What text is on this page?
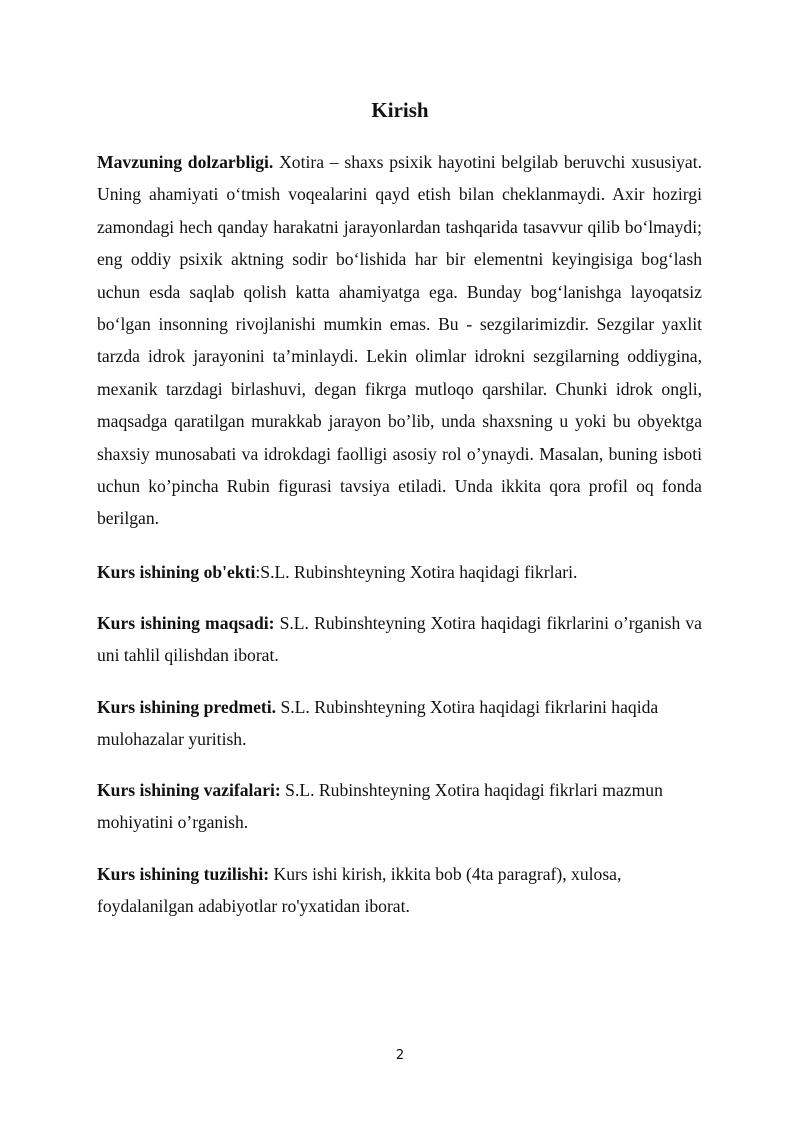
Kirish

Mavzuning dolzarbligi. Xotira – shaxs psixik hayotini belgilab beruvchi xususiyat. Uning ahamiyati o‘tmish voqealarini qayd etish bilan cheklanmaydi. Axir hozirgi zamondagi hech qanday harakatni jarayonlardan tashqarida tasavvur qilib bo‘lmaydi; eng oddiy psixik aktning sodir bo‘lishida har bir elementni keyingisiga bog‘lash uchun esda saqlab qolish katta ahamiyatga ega. Bunday bog‘lanishga layoqatsiz bo‘lgan insonning rivojlanishi mumkin emas. Bu - sezgilarimizdir. Sezgilar yaxlit tarzda idrok jarayonini ta’minlaydi. Lekin olimlar idrokni sezgilarning oddiygina, mexanik tarzdagi birlashuvi, degan fikrga mutloqo qarshilar. Chunki idrok ongli, maqsadga qaratilgan murakkab jarayon bo’lib, unda shaxsning u yoki bu obyektga shaxsiy munosabati va idrokdagi faolligi asosiy rol o’ynaydi. Masalan, buning isboti uchun ko’pincha Rubin figurasi tavsiya etiladi. Unda ikkita qora profil oq fonda berilgan.

Kurs ishining ob'ekti:S.L. Rubinshteyning Xotira haqidagi fikrlari.

Kurs ishining maqsadi: S.L. Rubinshteyning Xotira haqidagi fikrlarini o’rganish va uni tahlil qilishdan iborat.

Kurs ishining predmeti. S.L. Rubinshteyning Xotira haqidagi fikrlarini haqida mulohazalar yuritish.

Kurs ishining vazifalari: S.L. Rubinshteyning Xotira haqidagi fikrlari mazmun mohiyatini o’rganish.

Kurs ishining tuzilishi: Kurs ishi kirish, ikkita bob (4ta paragraf), xulosa, foydalanilgan adabiyotlar ro'yxatidan iborat.

2
